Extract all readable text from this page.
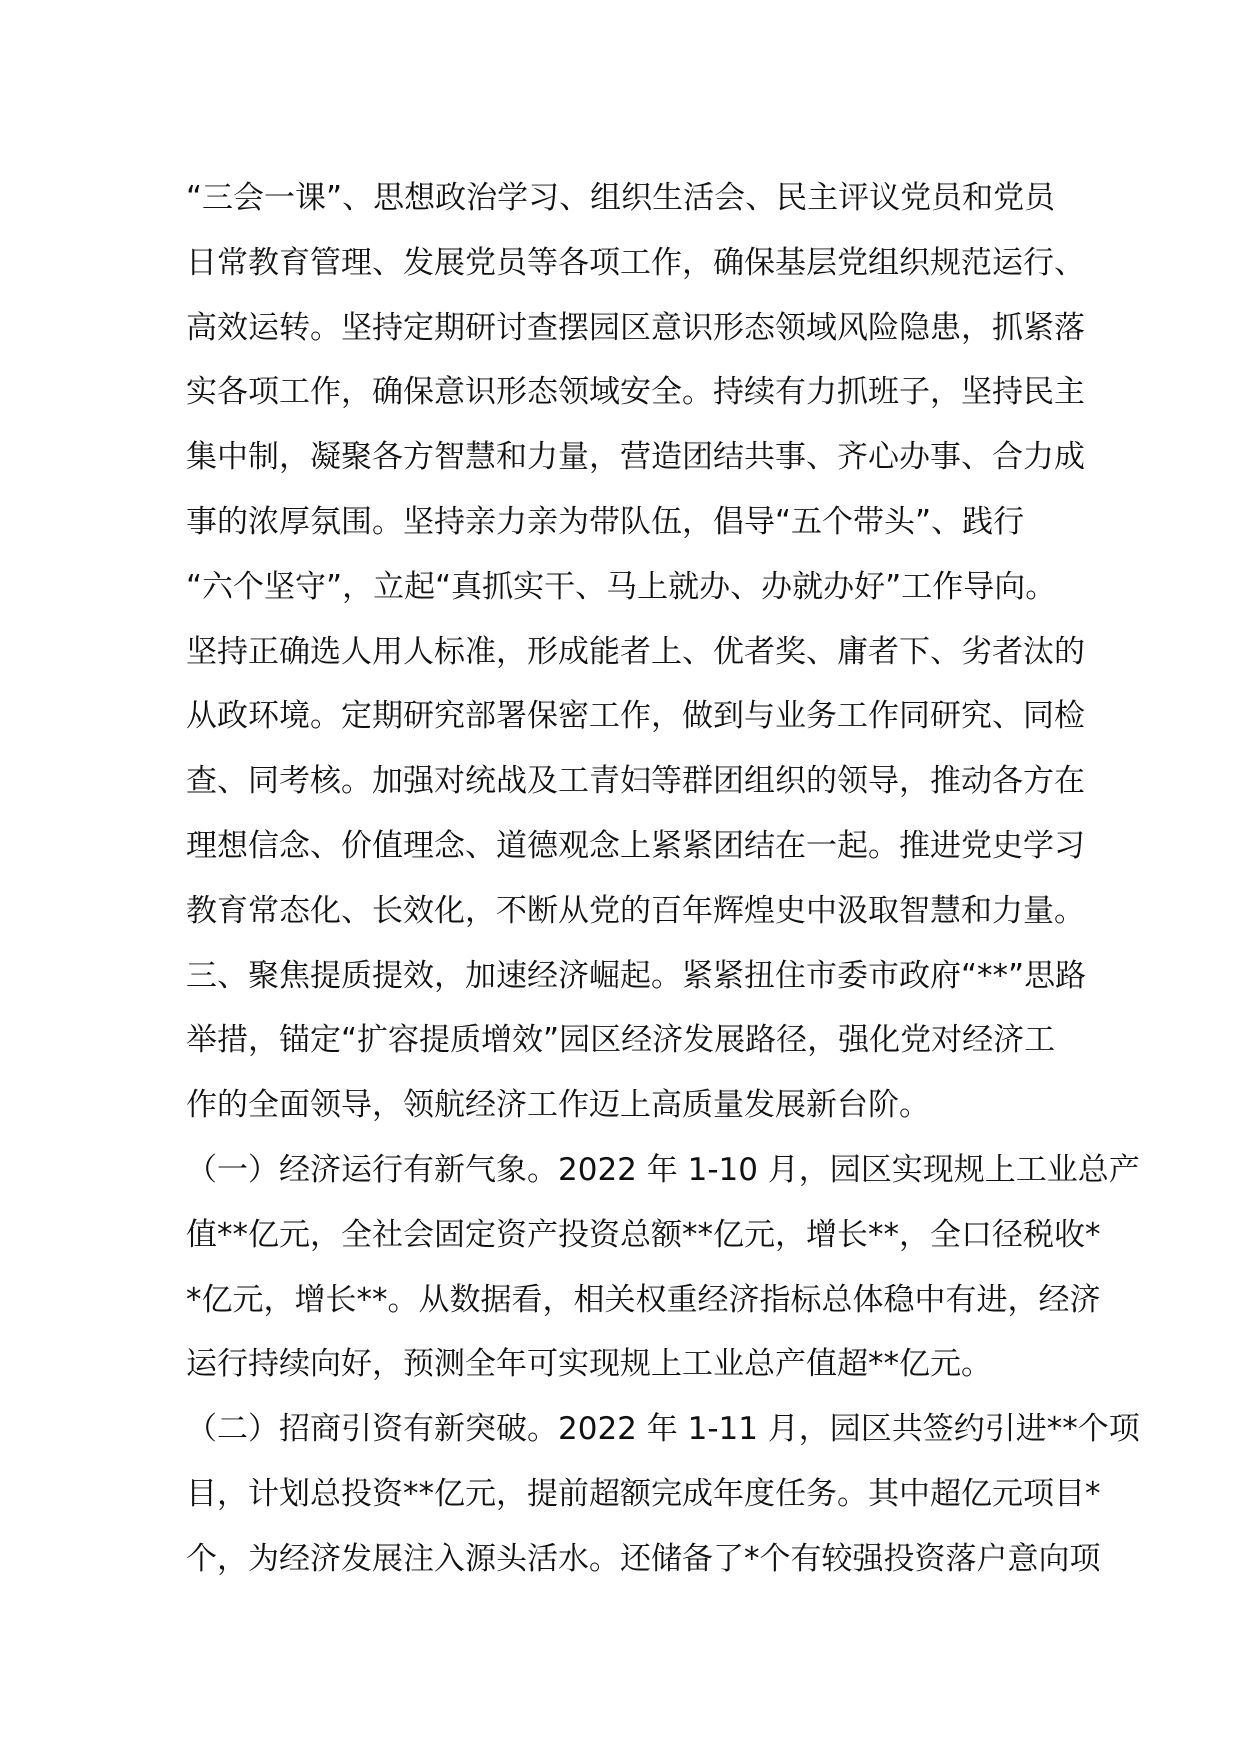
“三会一课”、思想政治学习、组织生活会、民主评议党员和党员
日常教育管理、发展党员等各项工作，确保基层党组织规范运行、
高效运转。坚持定期研讨查摆园区意识形态领域风险隐患，抓紧落
实各项工作，确保意识形态领域安全。持续有力抓班子，坚持民主
集中制，凝聚各方智慧和力量，营造团结共事、齐心办事、合力成
事的浓厚氛围。坚持亲力亲为带队伍，倡导“五个带头”、践行
“六个坚守”，立起“真抓实干、马上就办、办就办好”工作导向。
坚持正确选人用人标准，形成能者上、优者奖、庸者下、劣者汰的
从政环境。定期研究部署保密工作，做到与业务工作同研究、同检
查、同考核。加强对统战及工青妇等群团组织的领导，推动各方在
理想信念、价值理念、道德观念上紧紧团结在一起。推进党史学习
教育常态化、长效化，不断从党的百年辉煌史中汲取智慧和力量。
三、聚焦提质提效，加速经济崛起。紧紧扭住市委市政府“**”思路
举措，锚定“扩容提质增效”园区经济发展路径，强化党对经济工
作的全面领导，领航经济工作迈上高质量发展新台阶。
（一）经济运行有新气象。2022 年 1-10 月，园区实现规上工业总产
值**亿元，全社会固定资产投资总额**亿元，增长**，全口径税收*
*亿元，增长**。从数据看，相关权重经济指标总体稳中有进，经济
运行持续向好，预测全年可实现规上工业总产值超**亿元。
（二）招商引资有新突破。2022 年 1-11 月，园区共签约引进**个项
目，计划总投资**亿元，提前超额完成年度任务。其中超亿元项目*
个，为经济发展注入源头活水。还储备了*个有较强投资落户意向项
